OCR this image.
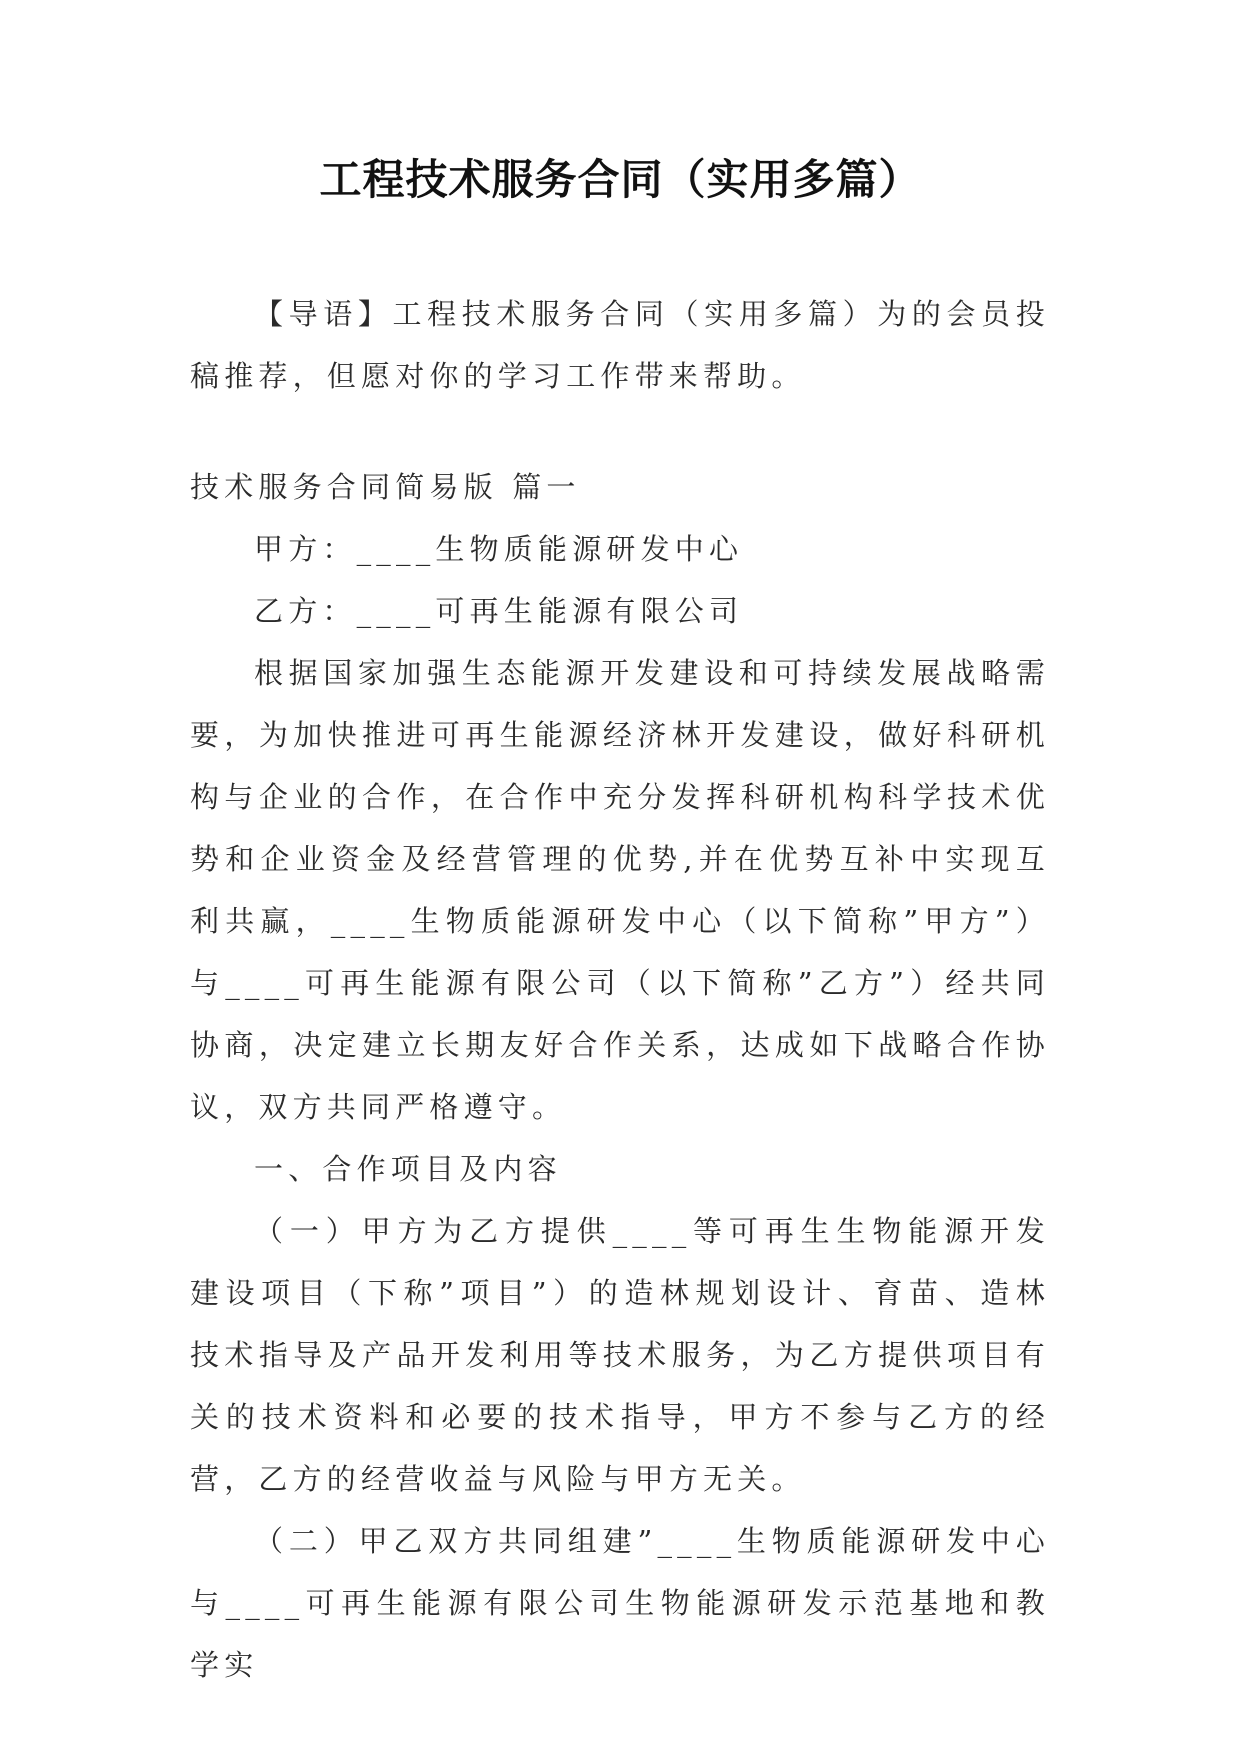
工程技术服务合同（实用多篇）

【导语】工程技术服务合同（实用多篇）为的会员投稿推荐，但愿对你的学习工作带来帮助。

技术服务合同简易版 篇一

甲方：____生物质能源研发中心

乙方：____可再生能源有限公司

根据国家加强生态能源开发建设和可持续发展战略需要，为加快推进可再生能源经济林开发建设，做好科研机构与企业的合作，在合作中充分发挥科研机构科学技术优势和企业资金及经营管理的优势,并在优势互补中实现互利共赢，____生物质能源研发中心（以下简称”甲方”）与____可再生能源有限公司（以下简称”乙方”）经共同协商，决定建立长期友好合作关系，达成如下战略合作协议，双方共同严格遵守。

一、合作项目及内容

（一）甲方为乙方提供____等可再生生物能源开发建设项目（下称”项目”）的造林规划设计、育苗、造林技术指导及产品开发利用等技术服务，为乙方提供项目有关的技术资料和必要的技术指导，甲方不参与乙方的经营，乙方的经营收益与风险与甲方无关。

（二）甲乙双方共同组建”____生物质能源研发中心与____可再生能源有限公司生物能源研发示范基地和教学实
